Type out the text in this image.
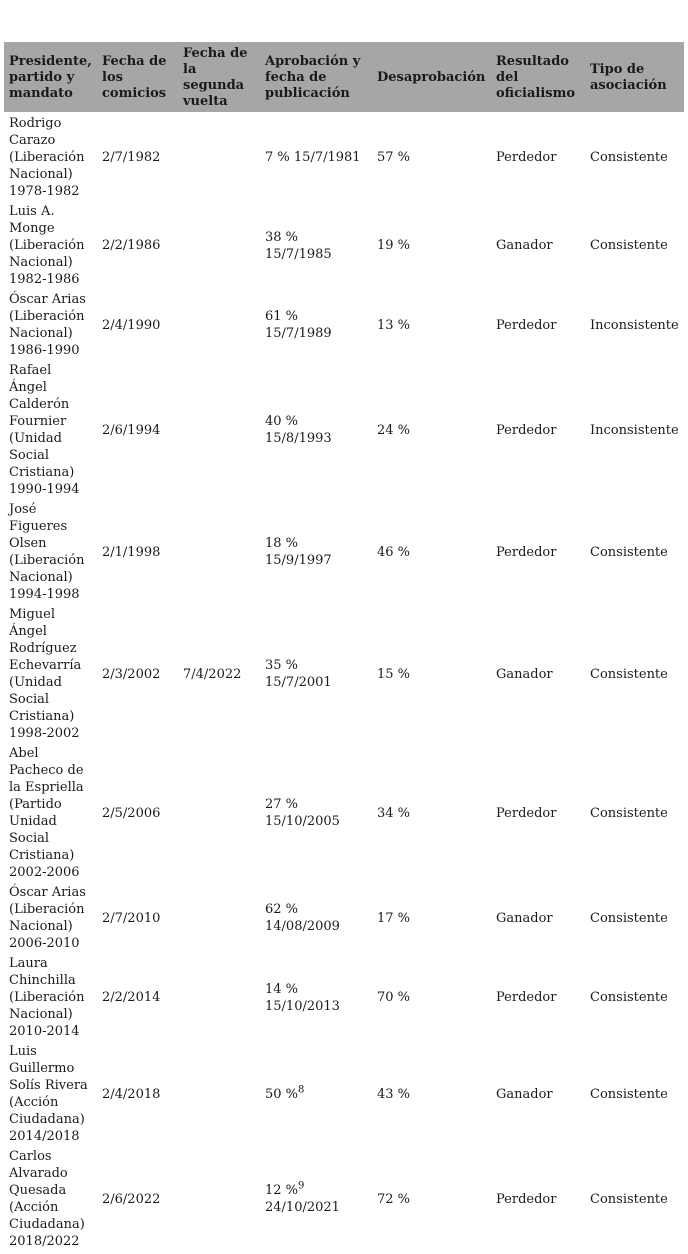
Presidente, partido y mandato	Fecha de los comicios	Fecha de la segunda vuelta	Aprobación y fecha de publicación	Desaprobación	Resultado del oficialismo	Tipo de asociación
Rodrigo Carazo (Liberación Nacional) 1978-1982	2/7/1982		7 % 15/7/1981	57 %	Perdedor	Consistente
Luis A. Monge (Liberación Nacional) 1982-1986	2/2/1986		38 % 15/7/1985	19 %	Ganador	Consistente
Óscar Arias (Liberación Nacional) 1986-1990	2/4/1990		61 % 15/7/1989	13 %	Perdedor	Inconsistente
Rafael Ángel Calderón Fournier (Unidad Social Cristiana) 1990-1994	2/6/1994		40 % 15/8/1993	24 %	Perdedor	Inconsistente
José Figueres Olsen (Liberación Nacional) 1994-1998	2/1/1998		18 % 15/9/1997	46 %	Perdedor	Consistente
Miguel Ángel Rodríguez Echevarría (Unidad Social Cristiana) 1998-2002	2/3/2002	7/4/2022	35 % 15/7/2001	15 %	Ganador	Consistente
Abel Pacheco de la Espriella (Partido Unidad Social Cristiana) 2002-2006	2/5/2006		27 % 15/10/2005	34 %	Perdedor	Consistente
Óscar Arias (Liberación Nacional) 2006-2010	2/7/2010		62 % 14/08/2009	17 %	Ganador	Consistente
Laura Chinchilla (Liberación Nacional) 2010-2014	2/2/2014		14 % 15/10/2013	70 %	Perdedor	Consistente
Luis Guillermo Solís Rivera (Acción Ciudadana) 2014/2018	2/4/2018		50 %$^8$	43 %	Ganador	Consistente
Carlos Alvarado Quesada (Acción Ciudadana) 2018/2022	2/6/2022		12 %$^9$ 24/10/2021	72 %	Perdedor	Consistente
